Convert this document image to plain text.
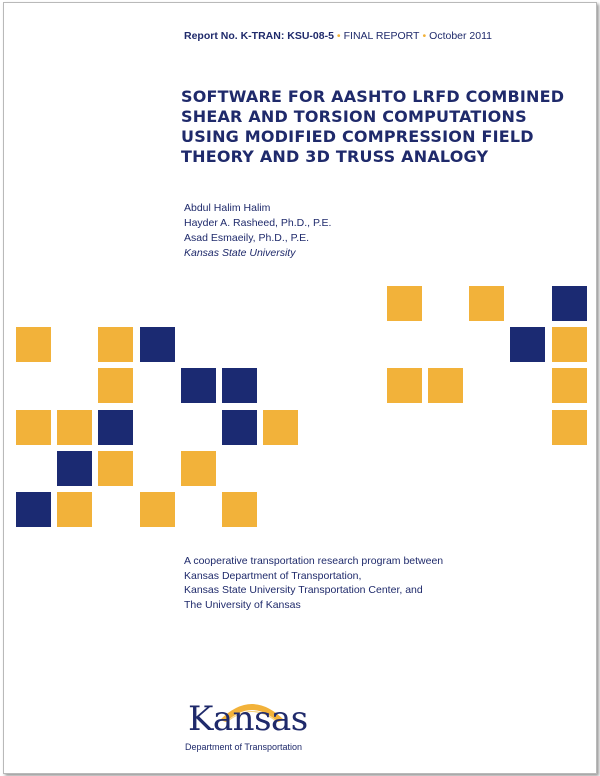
Report No. K-TRAN: KSU-08-5 • FINAL REPORT • October 2011
SOFTWARE FOR AASHTO LRFD COMBINED
SHEAR AND TORSION COMPUTATIONS
USING MODIFIED COMPRESSION FIELD
THEORY AND 3D TRUSS ANALOGY
Abdul Halim Halim
Hayder A. Rasheed, Ph.D., P.E.
Asad Esmaeily, Ph.D., P.E.
Kansas State University
A cooperative transportation research program between
Kansas Department of Transportation,
Kansas State University Transportation Center, and
The University of Kansas
Kansas
Department of Transportation
